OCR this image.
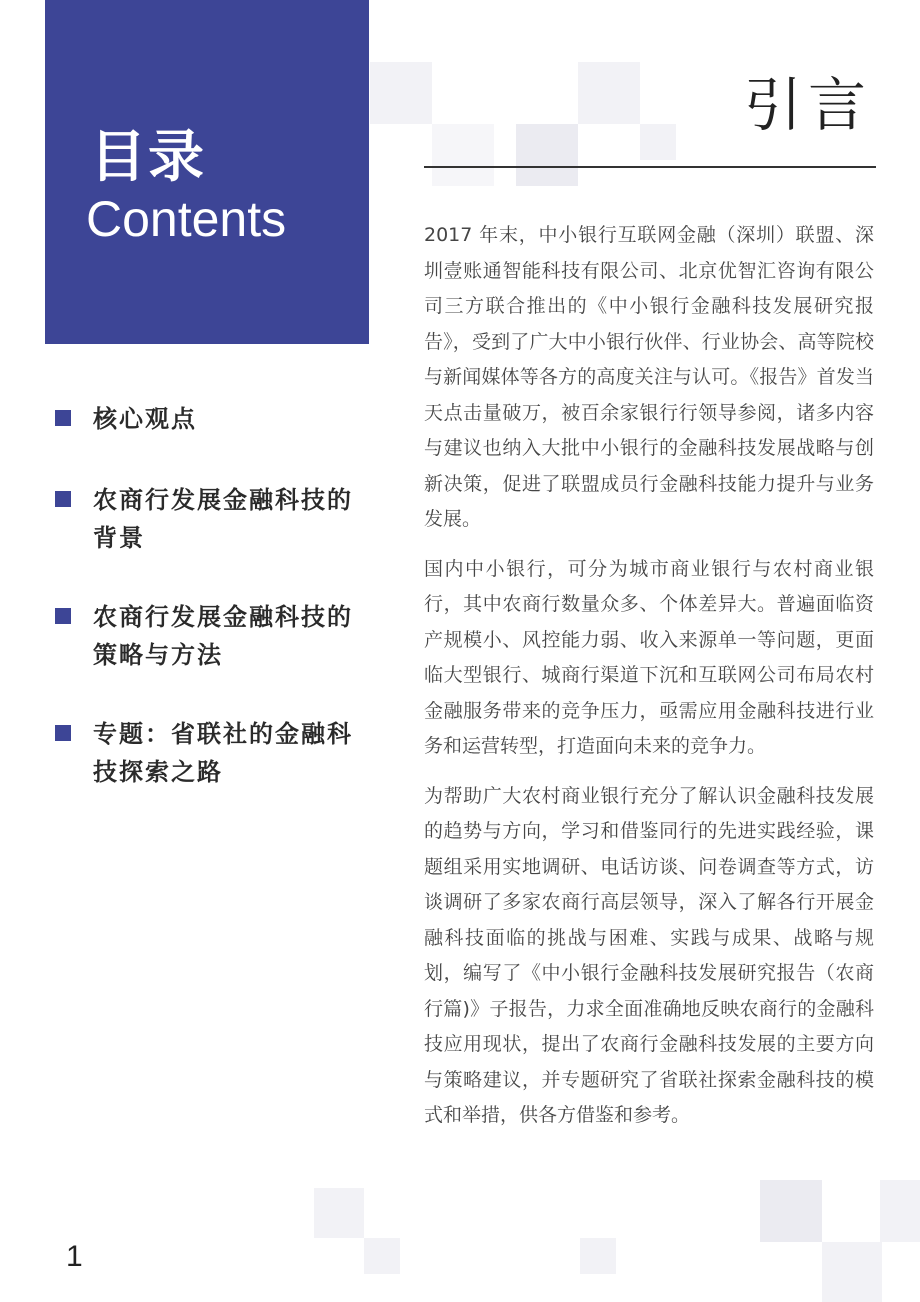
目录
Contents
核心观点
农商行发展金融科技的背景
农商行发展金融科技的策略与方法
专题：省联社的金融科技探索之路
引言

2017 年末，中小银行互联网金融（深圳）联盟、深圳壹账通智能科技有限公司、北京优智汇咨询有限公司三方联合推出的《中小银行金融科技发展研究报告》，受到了广大中小银行伙伴、行业协会、高等院校与新闻媒体等各方的高度关注与认可。《报告》首发当天点击量破万，被百余家银行行领导参阅，诸多内容与建议也纳入大批中小银行的金融科技发展战略与创新决策，促进了联盟成员行金融科技能力提升与业务发展。

国内中小银行，可分为城市商业银行与农村商业银行，其中农商行数量众多、个体差异大。普遍面临资产规模小、风控能力弱、收入来源单一等问题，更面临大型银行、城商行渠道下沉和互联网公司布局农村金融服务带来的竞争压力，亟需应用金融科技进行业务和运营转型，打造面向未来的竞争力。

为帮助广大农村商业银行充分了解认识金融科技发展的趋势与方向，学习和借鉴同行的先进实践经验，课题组采用实地调研、电话访谈、问卷调查等方式，访谈调研了多家农商行高层领导，深入了解各行开展金融科技面临的挑战与困难、实践与成果、战略与规划，编写了《中小银行金融科技发展研究报告（农商行篇)》子报告，力求全面准确地反映农商行的金融科技应用现状，提出了农商行金融科技发展的主要方向与策略建议，并专题研究了省联社探索金融科技的模式和举措，供各方借鉴和参考。

1
